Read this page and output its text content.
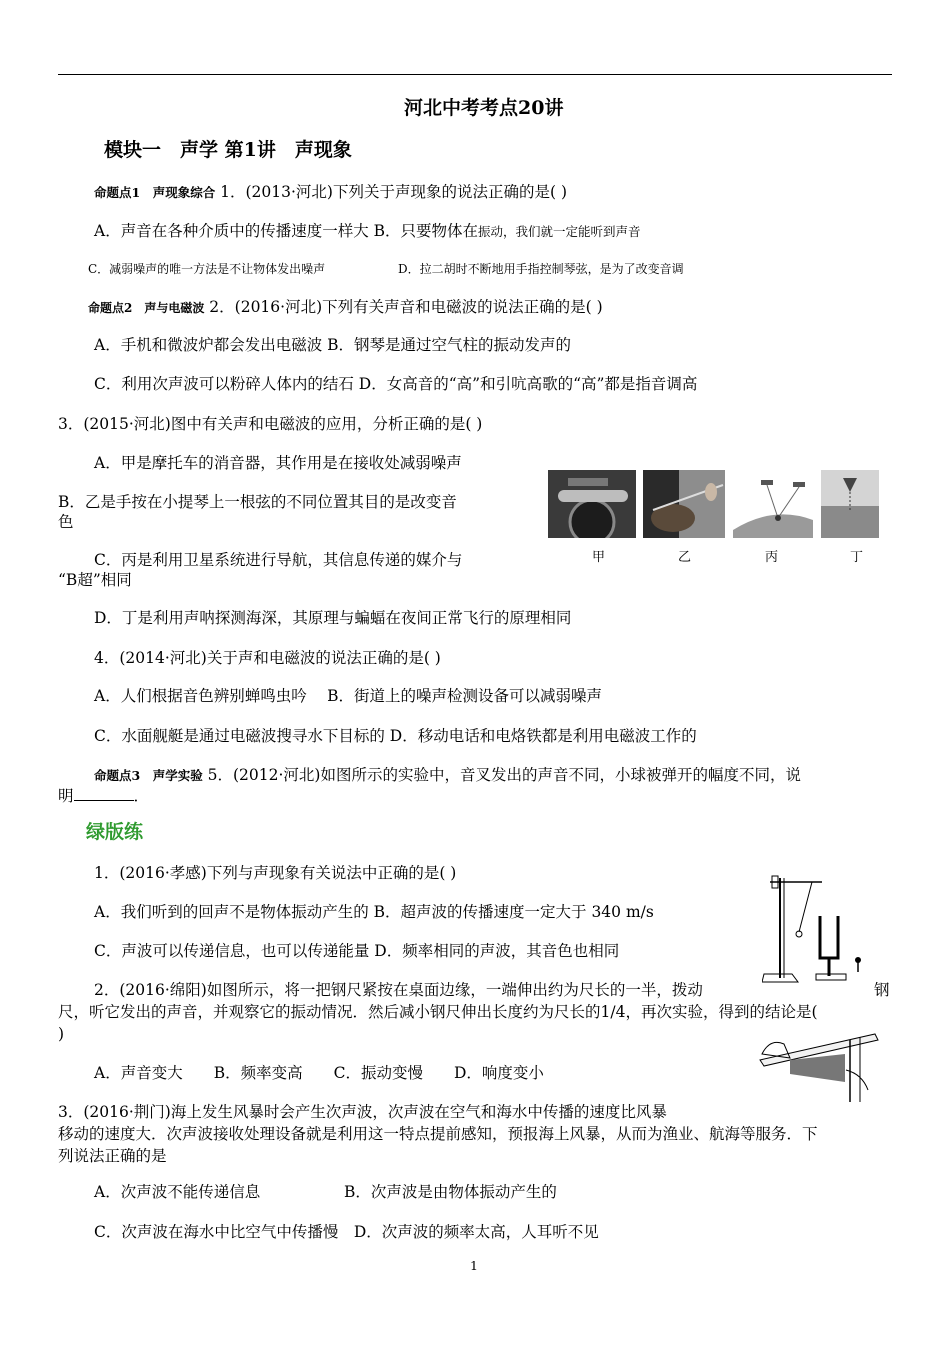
河北中考考点20讲
模块一　声学 第1讲　声现象
命题点1　声现象综合 1．(2013·河北)下列关于声现象的说法正确的是( )
A．声音在各种介质中的传播速度一样大 B．只要物体在振动，我们就一定能听到声音
C．减弱噪声的唯一方法是不让物体发出噪声	D．拉二胡时不断地用手指控制琴弦，是为了改变音调
命题点2　声与电磁波 2．(2016·河北)下列有关声音和电磁波的说法正确的是( )
A．手机和微波炉都会发出电磁波 B．钢琴是通过空气柱的振动发声的
C．利用次声波可以粉碎人体内的结石 D．女高音的“高”和引吭高歌的“高”都是指音调高
3．(2015·河北)图中有关声和电磁波的应用，分析正确的是( )
A．甲是摩托车的消音器，其作用是在接收处减弱噪声
B．乙是手按在小提琴上一根弦的不同位置其目的是改变音
色
C．丙是利用卫星系统进行导航，其信息传递的媒介与
“B超”相同
D．丁是利用声呐探测海深，其原理与蝙蝠在夜间正常飞行的原理相同
甲	乙	丙	丁
4．(2014·河北)关于声和电磁波的说法正确的是( )
A．人们根据音色辨别蝉鸣虫吟　 B．街道上的噪声检测设备可以减弱噪声
C．水面舰艇是通过电磁波搜寻水下目标的 D．移动电话和电烙铁都是利用电磁波工作的
命题点3　声学实验 5．(2012·河北)如图所示的实验中，音叉发出的声音不同，小球被弹开的幅度不同，说
明	．
绿版练
1．(2016·孝感)下列与声现象有关说法中正确的是( )
A．我们听到的回声不是物体振动产生的 B．超声波的传播速度一定大于 340 m/s
C．声波可以传递信息，也可以传递能量 D．频率相同的声波，其音色也相同
2．(2016·绵阳)如图所示，将一把钢尺紧按在桌面边缘，一端伸出约为尺长的一半，拨动	钢
尺，听它发出的声音，并观察它的振动情况．然后减小钢尺伸出长度约为尺长的1/4，再次实验，得到的结论是(
)
A．声音变大　　B．频率变高　　C．振动变慢　　D．响度变小
3．(2016·荆门)海上发生风暴时会产生次声波，次声波在空气和海水中传播的速度比风暴
移动的速度大．次声波接收处理设备就是利用这一特点提前感知，预报海上风暴，从而为渔业、航海等服务．下
列说法正确的是
A．次声波不能传递信息	B．次声波是由物体振动产生的
C．次声波在海水中比空气中传播慢　D．次声波的频率太高，人耳听不见
1
